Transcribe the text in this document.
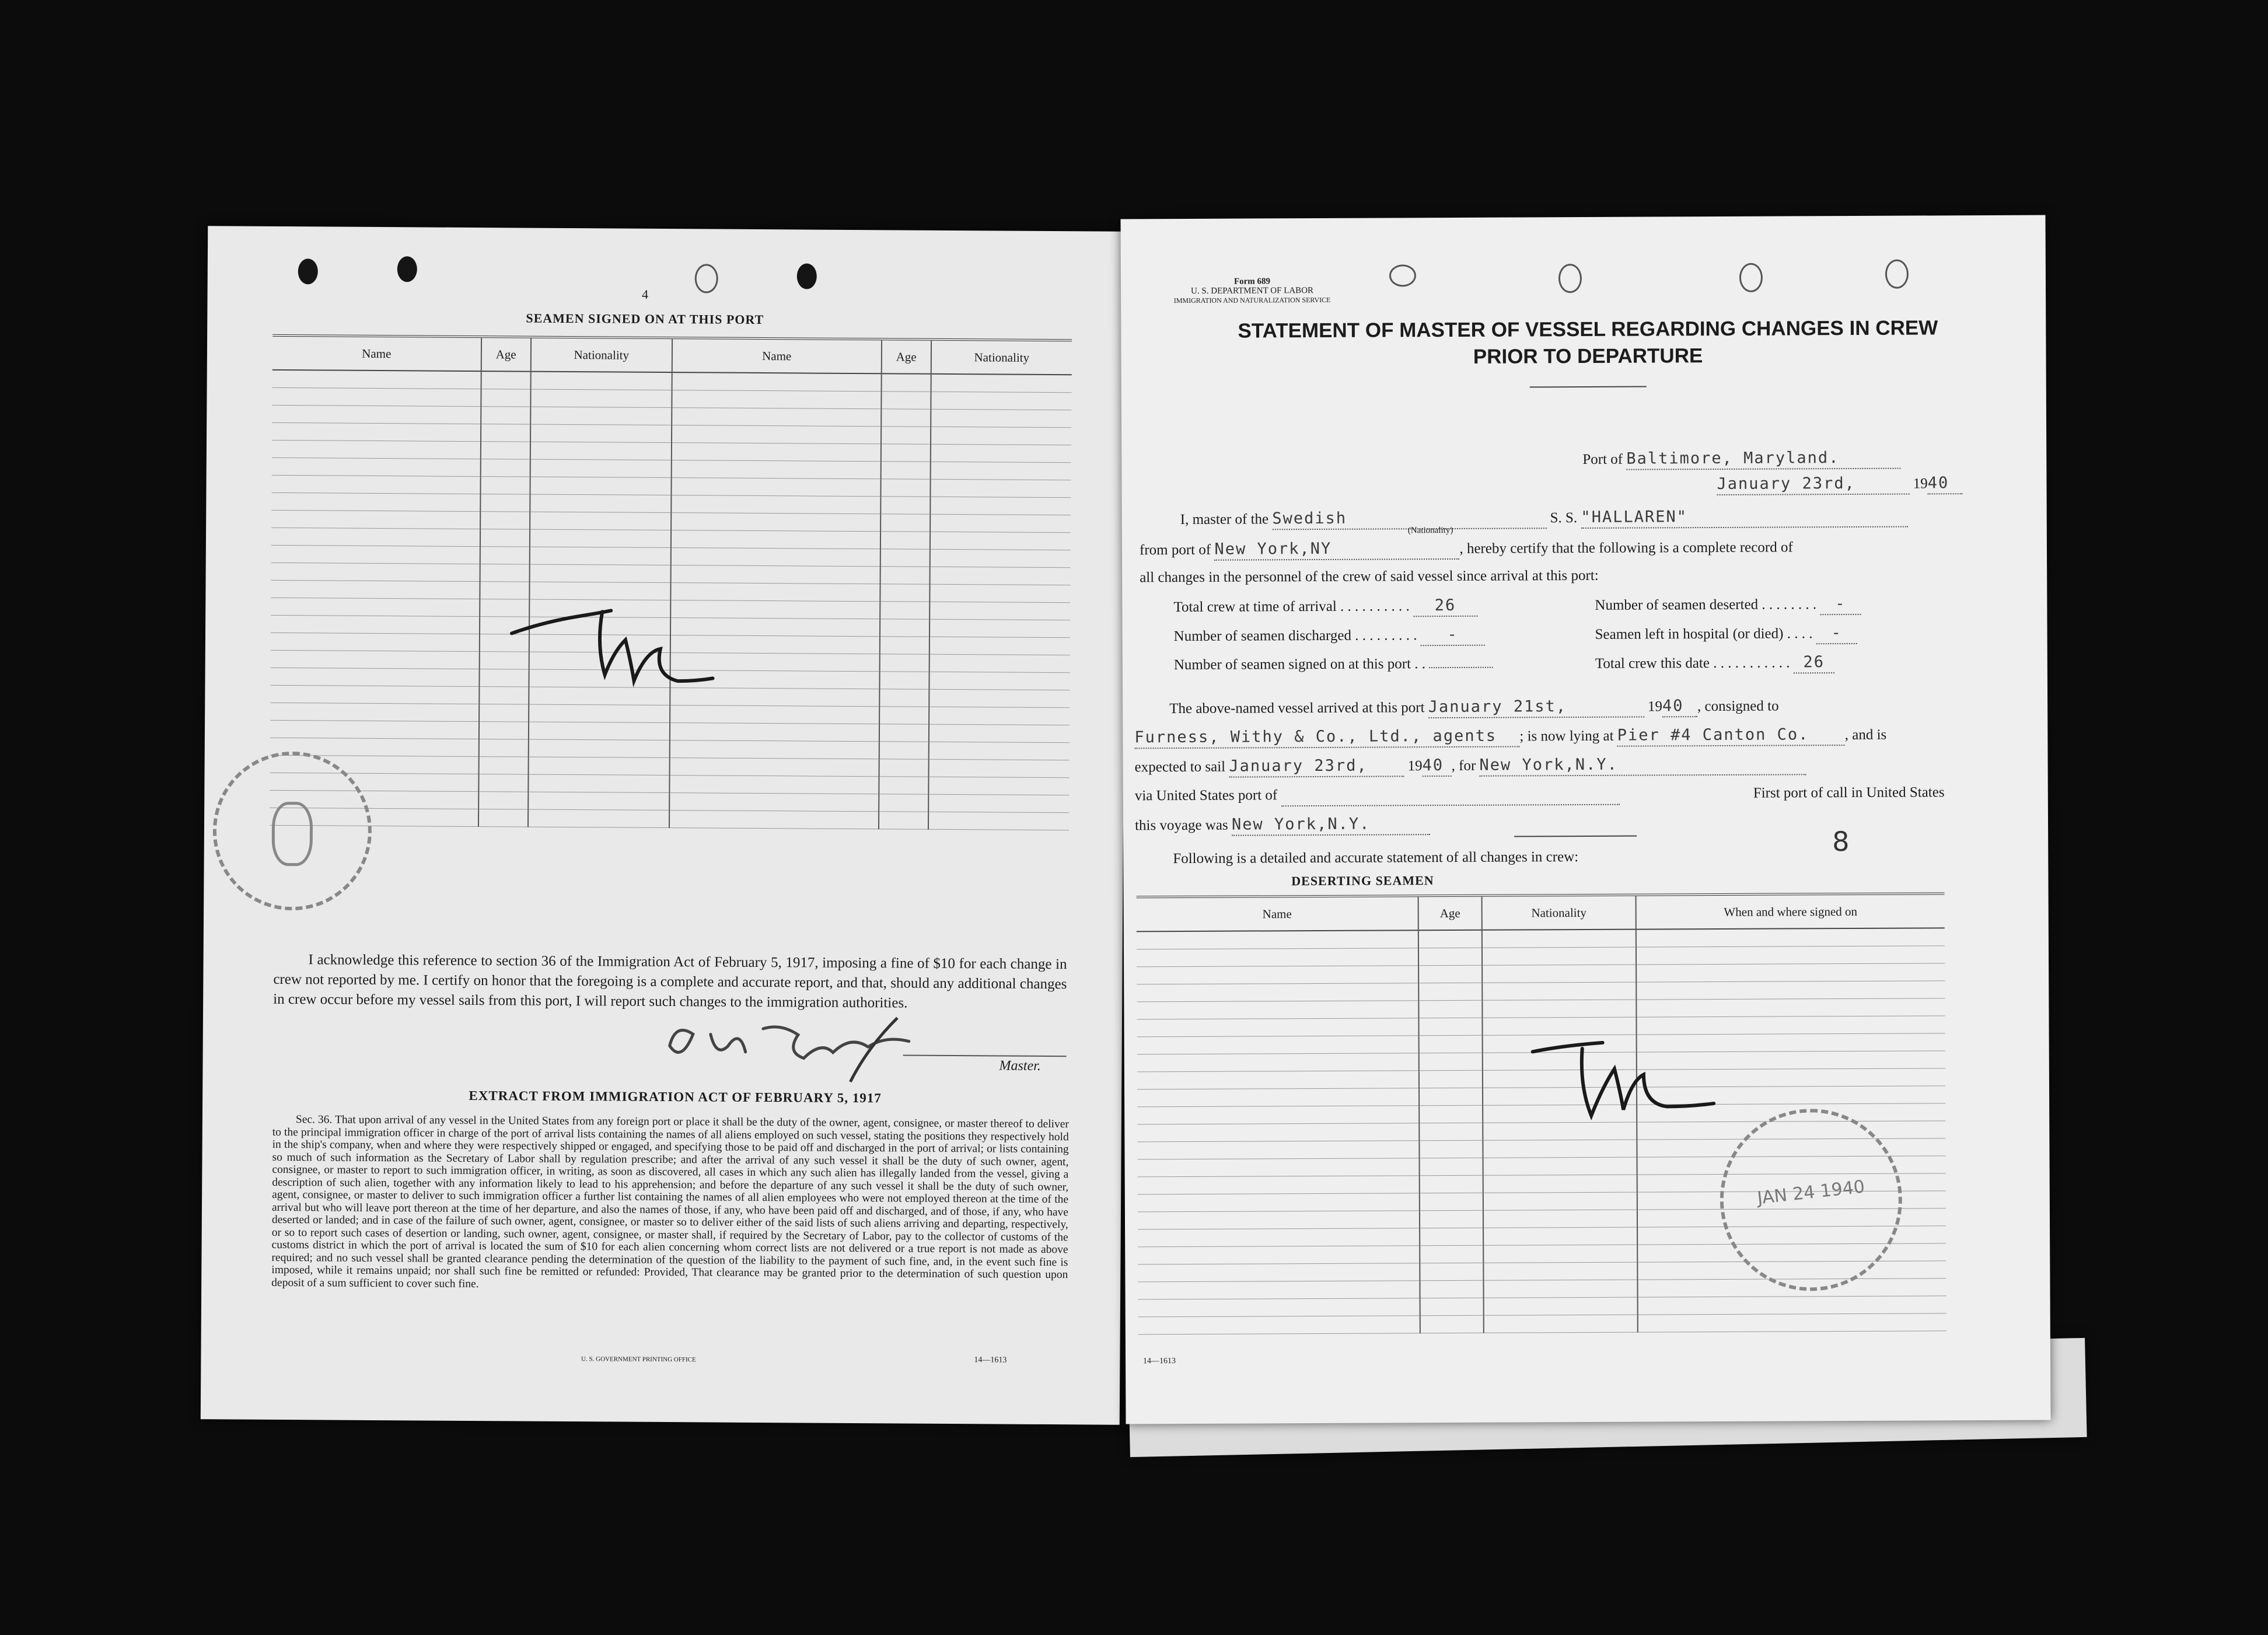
4
SEAMEN SIGNED ON AT THIS PORT
Name	Age	Nationality	Name	Age	Nationality

I acknowledge this reference to section 36 of the Immigration Act of February 5, 1917, imposing a fine of $10 for each change in crew not reported by me. I certify on honor that the foregoing is a complete and accurate report, and that, should any additional changes in crew occur before my vessel sails from this port, I will report such changes to the immigration authorities.
Master.
EXTRACT FROM IMMIGRATION ACT OF FEBRUARY 5, 1917
Sec. 36. That upon arrival of any vessel in the United States from any foreign port or place it shall be the duty of the owner, agent, consignee, or master thereof to deliver to the principal immigration officer in charge of the port of arrival lists containing the names of all aliens employed on such vessel, stating the positions they respectively hold in the ship's company, when and where they were respectively shipped or engaged, and specifying those to be paid off and discharged in the port of arrival; or lists containing so much of such information as the Secretary of Labor shall by regulation prescribe; and after the arrival of any such vessel it shall be the duty of such owner, agent, consignee, or master to report to such immigration officer, in writing, as soon as discovered, all cases in which any such alien has illegally landed from the vessel, giving a description of such alien, together with any information likely to lead to his apprehension; and before the departure of any such vessel it shall be the duty of such owner, agent, consignee, or master to deliver to such immigration officer a further list containing the names of all alien employees who were not employed thereon at the time of the arrival but who will leave port thereon at the time of her departure, and also the names of those, if any, who have been paid off and discharged, and of those, if any, who have deserted or landed; and in case of the failure of such owner, agent, consignee, or master so to deliver either of the said lists of such aliens arriving and departing, respectively, or so to report such cases of desertion or landing, such owner, agent, consignee, or master shall, if required by the Secretary of Labor, pay to the collector of customs of the customs district in which the port of arrival is located the sum of $10 for each alien concerning whom correct lists are not delivered or a true report is not made as above required; and no such vessel shall be granted clearance pending the determination of the question of the liability to the payment of such fine, and, in the event such fine is imposed, while it remains unpaid; nor shall such fine be remitted or refunded: Provided, That clearance may be granted prior to the determination of such question upon deposit of a sum sufficient to cover such fine.
U. S. GOVERNMENT PRINTING OFFICE	14—1613
Form 689
U. S. DEPARTMENT OF LABOR
IMMIGRATION AND NATURALIZATION SERVICE
STATEMENT OF MASTER OF VESSEL REGARDING CHANGES IN CREW
PRIOR TO DEPARTURE
Port of Baltimore, Maryland.
January 23rd,	1940
I, master of the Swedish	S. S. "HALLAREN"
(Nationality)
from port of New York,NY	, hereby certify that the following is a complete record of
all changes in the personnel of the crew of said vessel since arrival at this port:
Total crew at time of arrival . . . . . . . . . . 26
Number of seamen discharged . . . . . . . . . -
Number of seamen signed on at this port . .
Number of seamen deserted . . . . . . . . -
Seamen left in hospital (or died) . . . . -
Total crew this date . . . . . . . . . . . 26
The above-named vessel arrived at this port January 21st,	1940 , consigned to
Furness, Withy & Co., Ltd., agents ; is now lying at Pier #4 Canton Co. , and is
expected to sail January 23rd,	1940 , for New York,N.Y.
via United States port of	First port of call in United States
this voyage was New York,N.Y.
Following is a detailed and accurate statement of all changes in crew:
8
DESERTING SEAMEN
Name	Age	Nationality	When and where signed on

JAN 24 1940
14—1613
